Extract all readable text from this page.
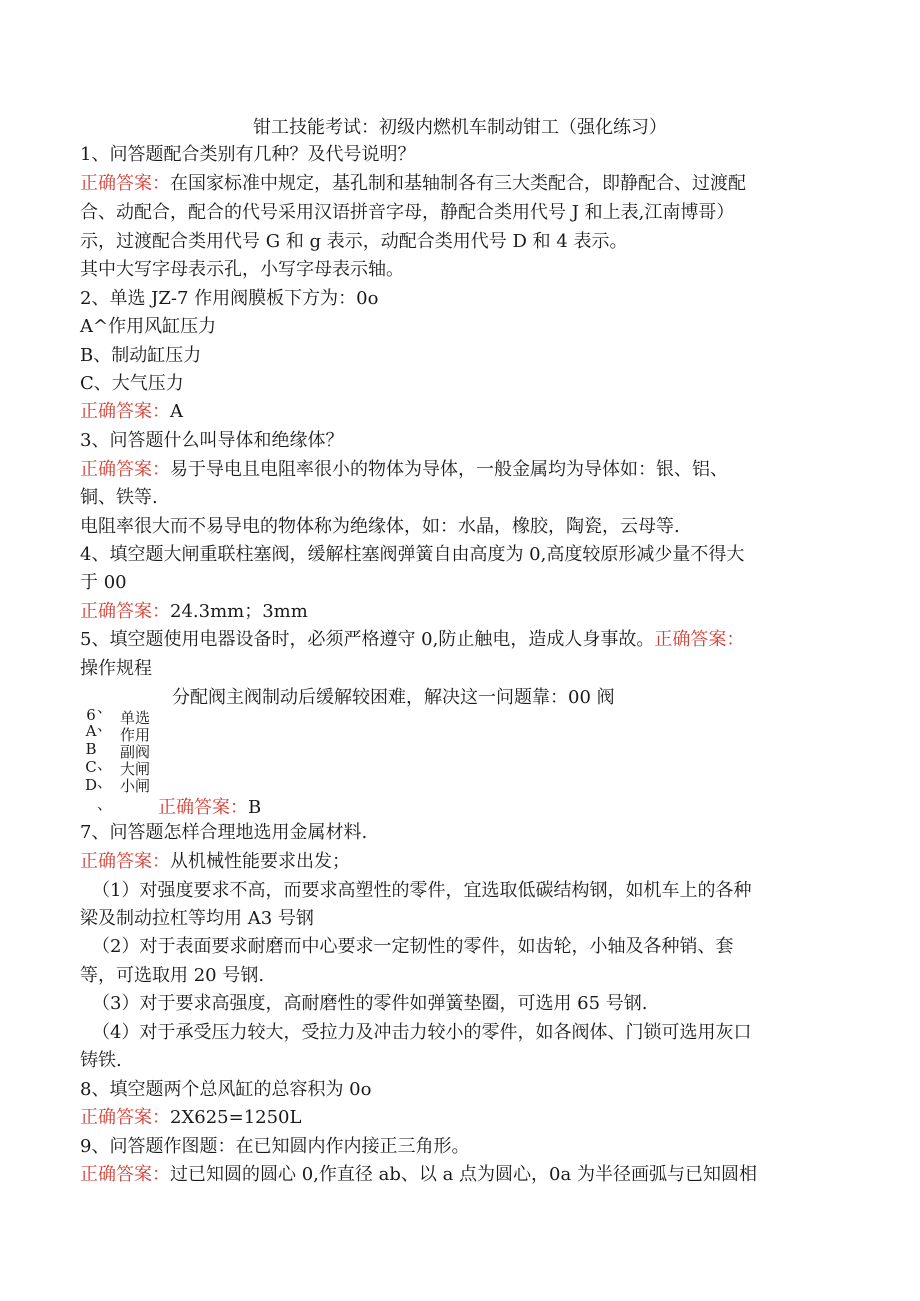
钳工技能考试：初级内燃机车制动钳工（强化练习）
1、问答题配合类别有几种？及代号说明？
正确答案：在国家标准中规定，基孔制和基轴制各有三大类配合，即静配合、过渡配
合、动配合，配合的代号采用汉语拼音字母，静配合类用代号 J 和上表,江南博哥）
示，过渡配合类用代号 G 和 g 表示，动配合类用代号 D 和 4 表示。
其中大写字母表示孔，小写字母表示轴。
2、单选 JZ-7 作用阀膜板下方为：0o
A^作用风缸压力
B、制动缸压力
C、大气压力
正确答案：A
3、问答题什么叫导体和绝缘体？
正确答案：易于导电且电阻率很小的物体为导体，一般金属均为导体如：银、铝、
铜、铁等.
电阻率很大而不易导电的物体称为绝缘体，如：水晶，橡胶，陶瓷，云母等.
4、填空题大闸重联柱塞阀，缓解柱塞阀弹簧自由高度为 0,高度较原形减少量不得大
于 00
正确答案：24.3mm；3mm
5、填空题使用电器设备时，必须严格遵守 0,防止触电，造成人身事故。正确答案：
操作规程
分配阀主阀制动后缓解较困难，解决这一问题靠：00 阀
、
6
A
B
C
D
、
、
、
、
单选
作用
副阀
大闸
小闸
正确答案：B
7、问答题怎样合理地选用金属材料.
正确答案：从机械性能要求出发；
（1）对强度要求不高，而要求高塑性的零件，宜选取低碳结构钢，如机车上的各种
梁及制动拉杠等均用 A3 号钢
（2）对于表面要求耐磨而中心要求一定韧性的零件，如齿轮，小轴及各种销、套
等，可选取用 20 号钢.
（3）对于要求高强度，高耐磨性的零件如弹簧垫圈，可选用 65 号钢.
（4）对于承受压力较大，受拉力及冲击力较小的零件，如各阀体、门锁可选用灰口
铸铁.
8、填空题两个总风缸的总容积为 0o
正确答案：2X625=1250L
9、问答题作图题：在已知圆内作内接正三角形。
正确答案：过已知圆的圆心 0,作直径 ab、以 a 点为圆心，0a 为半径画弧与已知圆相
